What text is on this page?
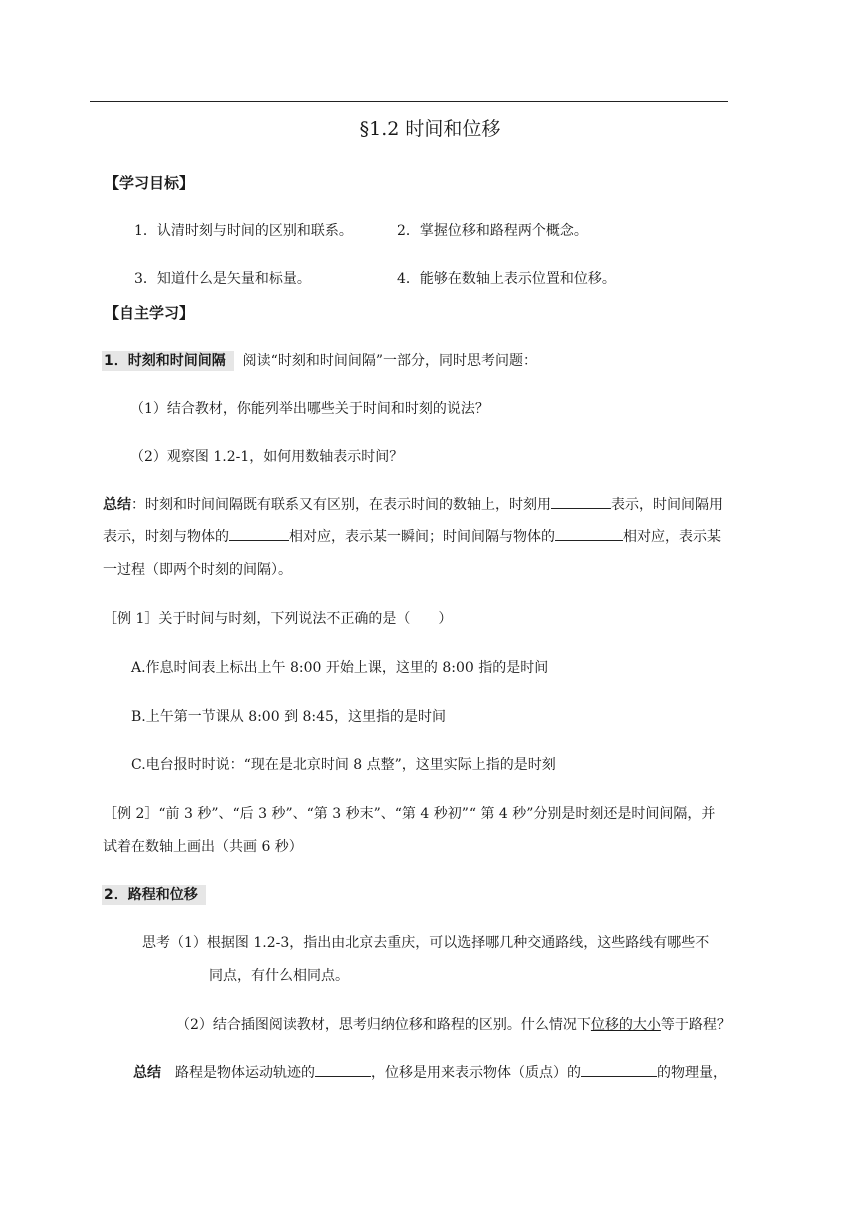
§1.2 时间和位移
【学习目标】
1．认清时刻与时间的区别和联系。	2．掌握位移和路程两个概念。
3．知道什么是矢量和标量。	4．能够在数轴上表示位置和位移。
【自主学习】
1．时刻和时间间隔 阅读“时刻和时间间隔”一部分，同时思考问题：
（1）结合教材，你能列举出哪些关于时间和时刻的说法？
（2）观察图 1.2-1，如何用数轴表示时间？
总结：时刻和时间间隔既有联系又有区别，在表示时间的数轴上，时刻用	表示，时间间隔用
表示，时刻与物体的	相对应，表示某一瞬间；时间间隔与物体的	相对应，表示某
一过程（即两个时刻的间隔）。
［例 1］关于时间与时刻，下列说法不正确的是（　　）
A.作息时间表上标出上午 8:00 开始上课，这里的 8:00 指的是时间
B.上午第一节课从 8:00 到 8:45，这里指的是时间
C.电台报时时说：“现在是北京时间 8 点整”，这里实际上指的是时刻
［例 2］“前 3 秒”、“后 3 秒”、“第 3 秒末”、“第 4 秒初”“ 第 4 秒”分别是时刻还是时间间隔，并
试着在数轴上画出（共画 6 秒）
2．路程和位移
思考（1）根据图 1.2-3，指出由北京去重庆，可以选择哪几种交通路线，这些路线有哪些不
同点，有什么相同点。
（2）结合插图阅读教材，思考归纳位移和路程的区别。什么情况下位移的大小等于路程？
总结　路程是物体运动轨迹的	，位移是用来表示物体（质点）的	的物理量，
